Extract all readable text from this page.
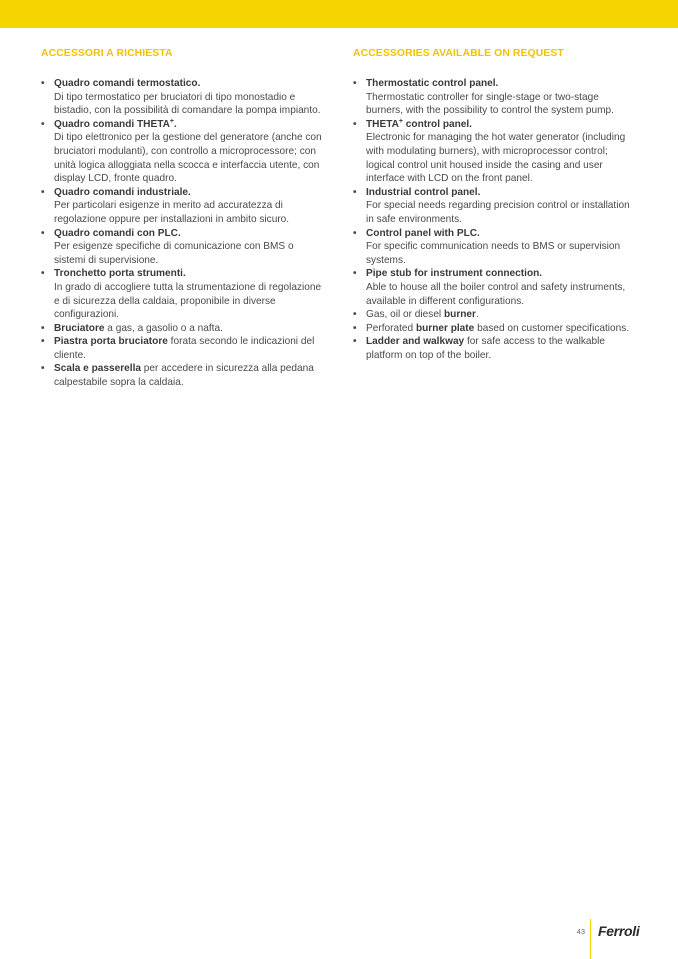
ACCESSORI A RICHIESTA
• Quadro comandi termostatico.
Di tipo termostatico per bruciatori di tipo monostadio e bistadio, con la possibilità di comandare la pompa impianto.
• Quadro comandi THETA+.
Di tipo elettronico per la gestione del generatore (anche con bruciatori modulanti), con controllo a microprocessore; con unità logica alloggiata nella scocca e interfaccia utente, con display LCD, fronte quadro.
• Quadro comandi industriale.
Per particolari esigenze in merito ad accuratezza di regolazione oppure per installazioni in ambito sicuro.
• Quadro comandi con PLC.
Per esigenze specifiche di comunicazione con BMS o sistemi di supervisione.
• Tronchetto porta strumenti.
In grado di accogliere tutta la strumentazione di regolazione e di sicurezza della caldaia, proponibile in diverse configurazioni.
• Bruciatore a gas, a gasolio o a nafta.
• Piastra porta bruciatore forata secondo le indicazioni del cliente.
• Scala e passerella per accedere in sicurezza alla pedana calpestabile sopra la caldaia.
ACCESSORIES AVAILABLE ON REQUEST
• Thermostatic control panel.
Thermostatic controller for single-stage or two-stage burners, with the possibility to control the system pump.
• THETA+ control panel.
Electronic for managing the hot water generator (including with modulating burners), with microprocessor control; logical control unit housed inside the casing and user interface with LCD on the front panel.
• Industrial control panel.
For special needs regarding precision control or installation in safe environments.
• Control panel with PLC.
For specific communication needs to BMS or supervision systems.
• Pipe stub for instrument connection.
Able to house all the boiler control and safety instruments, available in different configurations.
• Gas, oil or diesel burner.
• Perforated burner plate based on customer specifications.
• Ladder and walkway for safe access to the walkable platform on top of the boiler.
43 Ferroli
